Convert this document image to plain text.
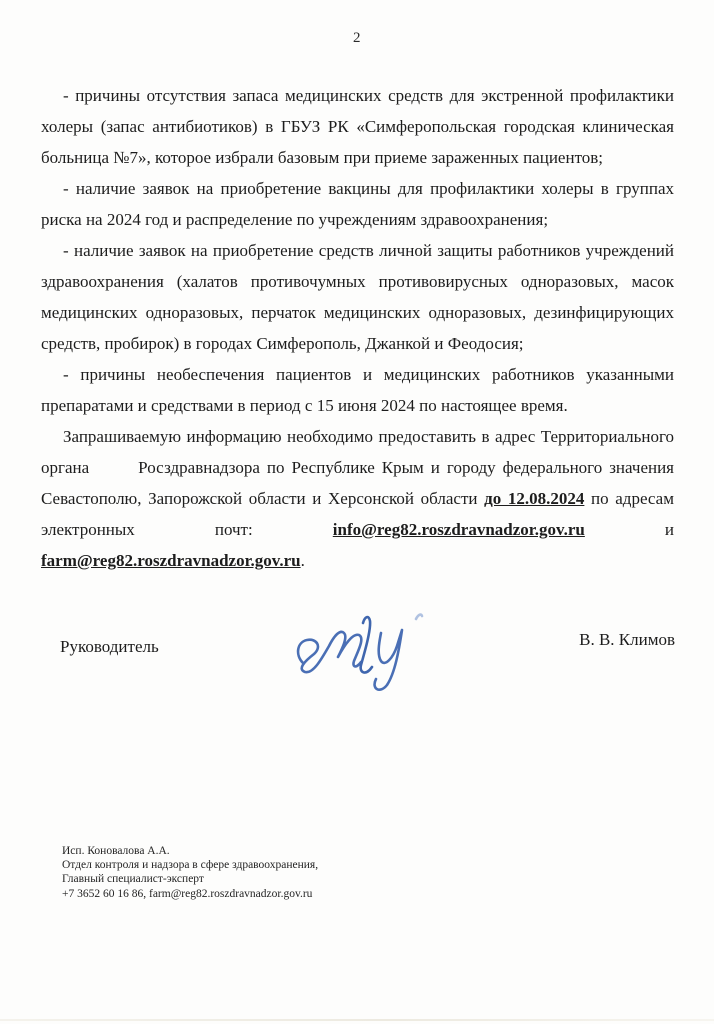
2

- причины отсутствия запаса медицинских средств для экстренной профилактики холеры (запас антибиотиков) в ГБУЗ РК «Симферопольская городская клиническая больница №7», которое избрали базовым при приеме зараженных пациентов;

- наличие заявок на приобретение вакцины для профилактики холеры в группах риска на 2024 год и распределение по учреждениям здравоохранения;

- наличие заявок на приобретение средств личной защиты работников учреждений здравоохранения (халатов противочумных противовирусных одноразовых, масок медицинских одноразовых, перчаток медицинских одноразовых, дезинфицирующих средств, пробирок) в городах Симферополь, Джанкой и Феодосия;

- причины необеспечения пациентов и медицинских работников указанными препаратами и средствами в период с 15 июня 2024 по настоящее время.

Запрашиваемую информацию необходимо предоставить в адрес Территориального органа	Росздравнадзора по Республике Крым и городу федерального значения Севастополю, Запорожской области и Херсонской области до 12.08.2024 по адресам электронных почт: info@reg82.roszdravnadzor.gov.ru и farm@reg82.roszdravnadzor.gov.ru.

Руководитель	В. В. Климов
Исп. Коновалова А.А.
Отдел контроля и надзора в сфере здравоохранения,
Главный специалист-эксперт
+7 3652 60 16 86, farm@reg82.roszdravnadzor.gov.ru
